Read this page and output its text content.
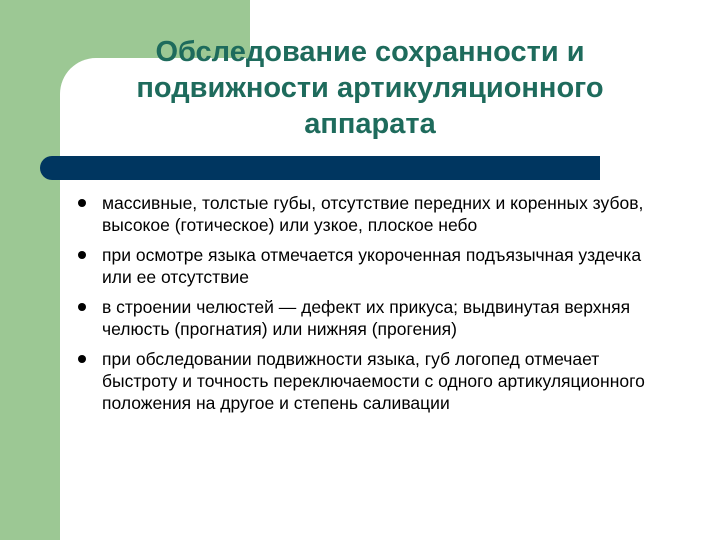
Обследование сохранности и
подвижности артикуляционного
аппарата
массивные, толстые губы, отсутствие передних и коренных зубов, высокое (готическое) или узкое, плоское небо
при осмотре языка отмечается укороченная подъязычная уздечка или ее отсутствие
в строении челюстей — дефект их прикуса; выдвинутая верхняя челюсть (прогнатия) или нижняя (прогения)
при обследовании подвижности языка, губ логопед отмечает быстроту и точность переключаемости с одного артикуляционного положения на другое и степень саливации
